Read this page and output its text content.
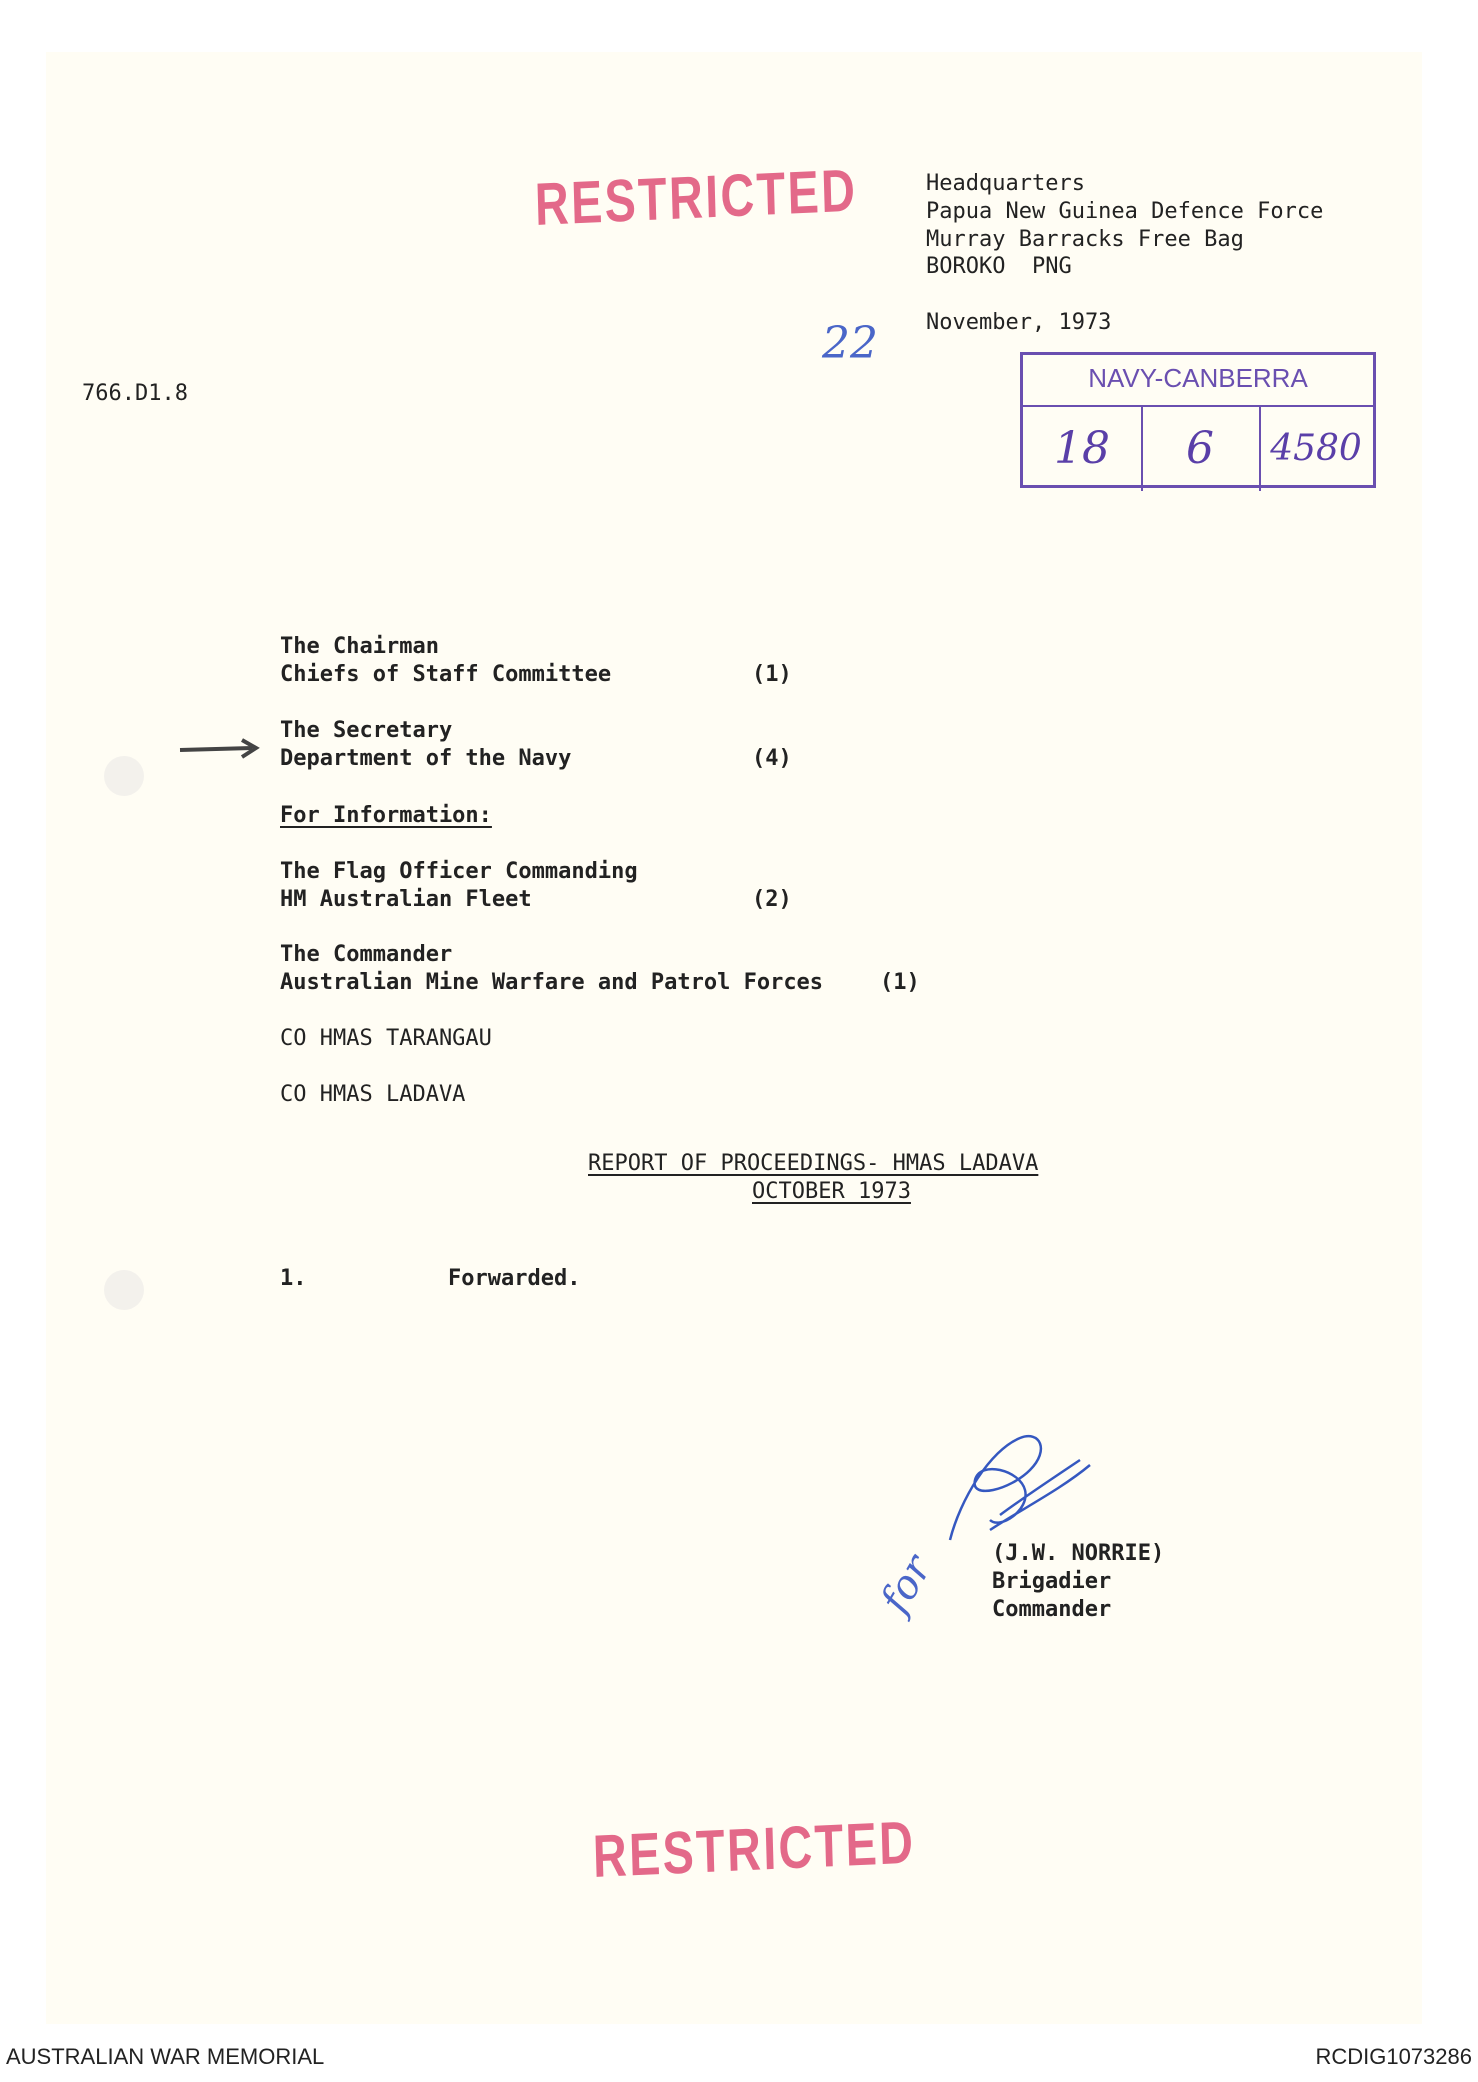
RESTRICTED	Headquarters
Papua New Guinea Defence Force
Murray Barracks Free Bag
BOROKO  PNG
November, 1973
22
NAVY-CANBERRA
18	6	4580
766.D1.8
The Chairman
Chiefs of Staff Committee	(1)
The Secretary
Department of the Navy	(4)
For Information:
The Flag Officer Commanding
HM Australian Fleet	(2)
The Commander
Australian Mine Warfare and Patrol Forces	(1)
CO HMAS TARANGAU
CO HMAS LADAVA
REPORT OF PROCEEDINGS- HMAS LADAVA
OCTOBER 1973
1.	Forwarded.
(J.W. NORRIE)
Brigadier
Commander
for
RESTRICTED
AUSTRALIAN WAR MEMORIAL	RCDIG1073286
